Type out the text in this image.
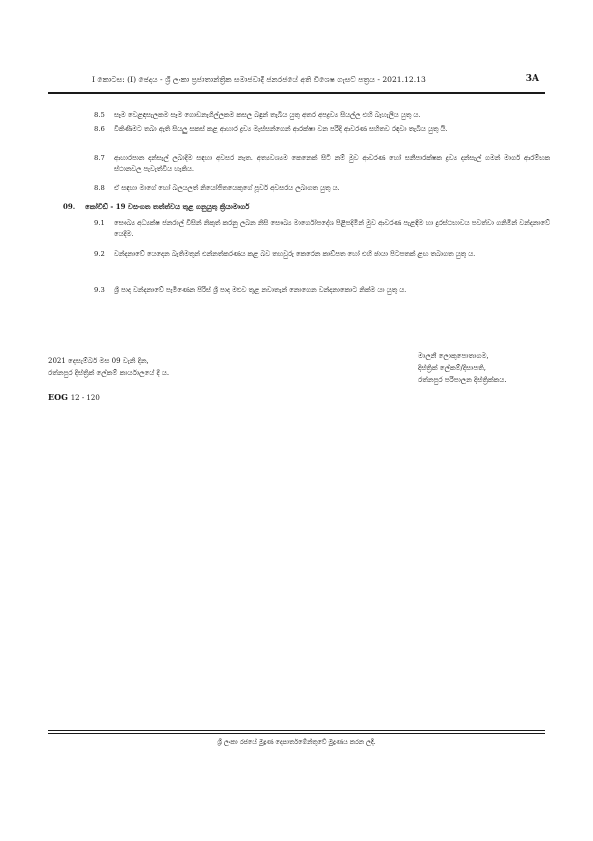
I කොටස: (I) ඡෙදය - ශ්‍රී ලංකා ප්‍රජාතාන්ත්‍රික සමාජවාදී ජනරජයේ අති විශෙෂ ගැසට් පත්‍රය - 2021.12.13	3A
8.5 සෑම වෙළඳසැලකම සෑම ගොඩනැගිල්ලකම කසල බඳුන් තැබිය යුතු අතර අපද්‍රව්‍ය සියල්ල එහි බැහැලිය යුතු ය.
8.6 විකිණීමට තබා ඇති සියලු සකස් කළ ආහාර ද්‍රව්‍ය මැස්සන්ගෙන් ආරක්ෂා වන පරිදි ආවරණ සහිතව රඳවා තැබිය යුතු යි.
8.7 ආහාරපාන දන්සැල් ලබාදීම සඳහා අවසර නැත. අත්‍යවශ්‍යම කෙනෙක් සිටි නම් මුව ආවරණ හෝ සනීපාරක්ෂක ද්‍රව්‍ය දන්සැල් ගමන් මාර්ග ආරම්භක ස්ථානවල පැවැත්විය හැකිය.
8.8 ඒ සඳහා මාගේ හෝ බලයලත් නියෝජිතයෙකුගේ පූර්ව අවසරය ලබාගත යුතු ය.
09. කෝවිඩ් - 19 වසංගත තත්ත්වය තුළ ගනුයුතු ක්‍රියාමාර්ග
9.1 සෞඛ්‍ය අධ්‍යක්ෂ ජනරාල් විසින් නිකුත් කරනු ලබන නිසි සෞඛ්‍ය මාර්ගෝපදේශ පිළිපදිමින් මුව ආවරණ පැළඳීම හා දුරස්ථභාවය පවත්වා ගනිමින් වන්දනාවේ යෙදීම.
9.2 වන්දනාවේ යෙදෙන බැතිමතුන් එන්නත්කරණය කළ බව තහවුරු කෙරෙන කාඩ්පත හෝ එහි ඡායා පිටපතක් ළඟ තබාගත යුතු ය.
9.3 ශ්‍රී පාද වන්දනාවේ පැමිණෙන පිරිස් ශ්‍රී පාද මළුව තුළ නවාතැන් නොගෙන වන්දනාකොට නික්ම යා යුතු ය.
මාලනී ලොකුපොතාගම,
දිස්ත්‍රික් ලේකම්/දිසාපති,
රත්නපුර පරිපාලන දිස්ත්‍රික්කය.
2021 දෙසැම්බර් මස 09 වැනි දින,
රත්නපුර දිස්ත්‍රික් ලේකම් කාර්යාලයේ දී ය.
EOG 12 - 120
ශ්‍රී ලංකා රජයේ මුද්‍රණ දෙපාර්තමේන්තුවේ මුද්‍රණය කරන ලදී.
